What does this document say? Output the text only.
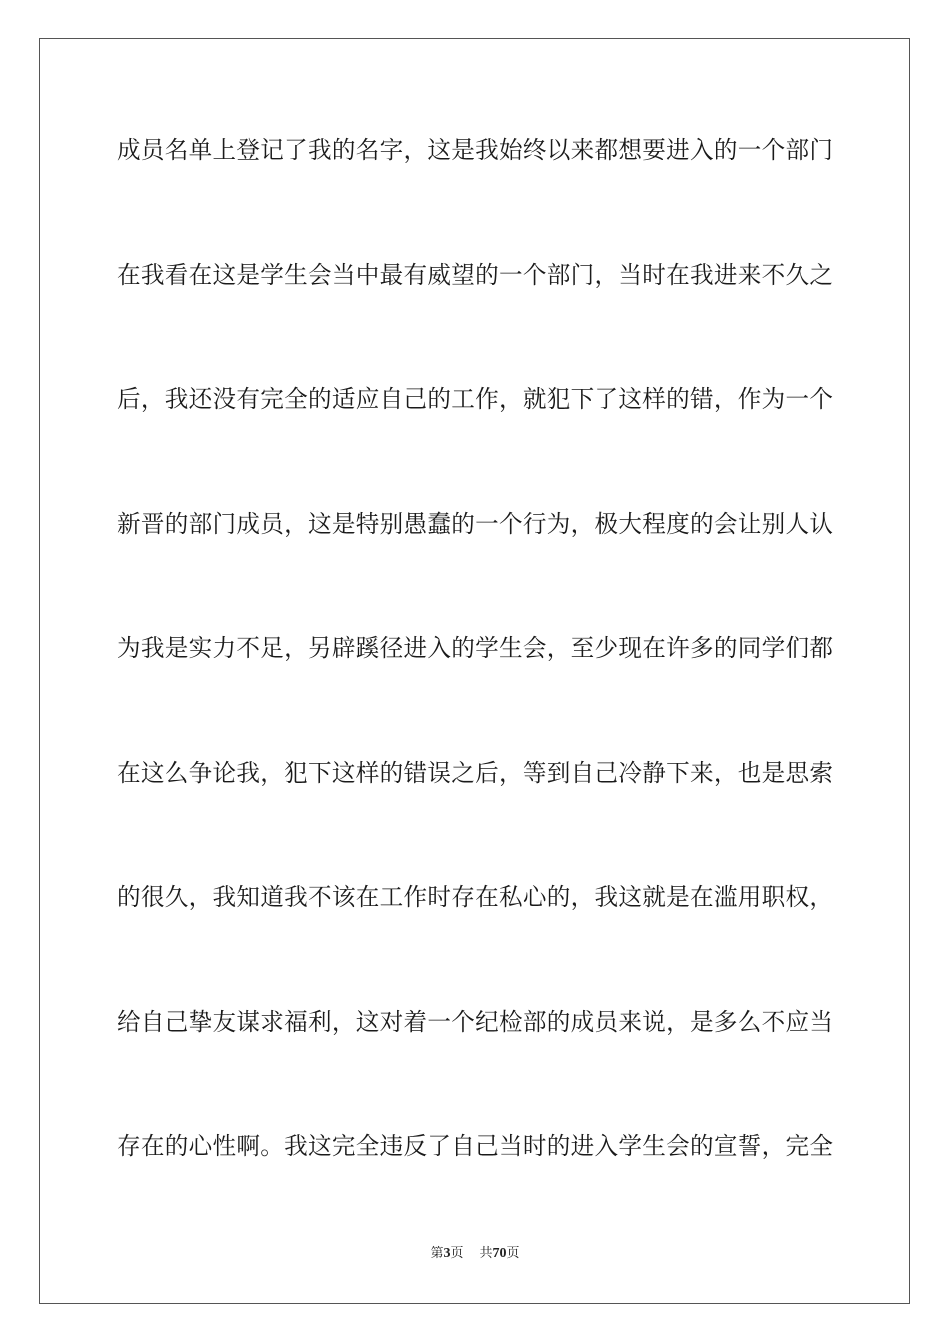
成员名单上登记了我的名字，这是我始终以来都想要进入的一个部门
在我看在这是学生会当中最有威望的一个部门，当时在我进来不久之
后，我还没有完全的适应自己的工作，就犯下了这样的错，作为一个
新晋的部门成员，这是特别愚蠢的一个行为，极大程度的会让别人认
为我是实力不足，另辟蹊径进入的学生会，至少现在许多的同学们都
在这么争论我，犯下这样的错误之后，等到自己冷静下来，也是思索
的很久，我知道我不该在工作时存在私心的，我这就是在滥用职权，
给自己挚友谋求福利，这对着一个纪检部的成员来说，是多么不应当
存在的心性啊。我这完全违反了自己当时的进入学生会的宣誓，完全
第3页 共70页
